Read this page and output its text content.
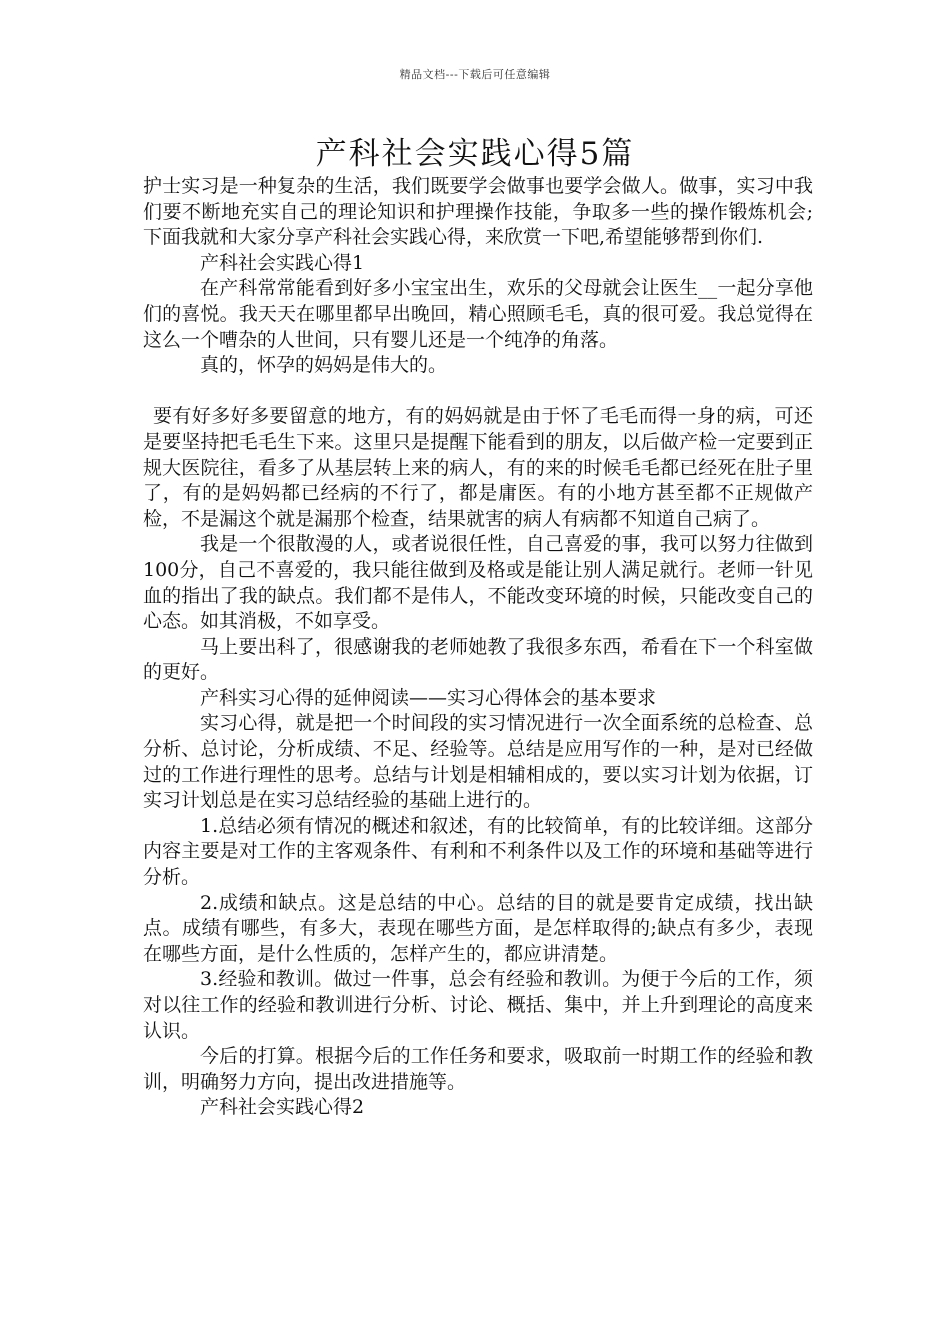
精品文档---下载后可任意编辑
产科社会实践心得5篇

护士实习是一种复杂的生活，我们既要学会做事也要学会做人。做事，实习中我们要不断地充实自己的理论知识和护理操作技能，争取多一些的操作锻炼机会;下面我就和大家分享产科社会实践心得，来欣赏一下吧,希望能够帮到你们.

产科社会实践心得1

在产科常常能看到好多小宝宝出生，欢乐的父母就会让医生__一起分享他们的喜悦。我天天在哪里都早出晚回，精心照顾毛毛，真的很可爱。我总觉得在这么一个嘈杂的人世间，只有婴儿还是一个纯净的角落。

真的，怀孕的妈妈是伟大的。

要有好多好多要留意的地方，有的妈妈就是由于怀了毛毛而得一身的病，可还是要坚持把毛毛生下来。这里只是提醒下能看到的朋友，以后做产检一定要到正规大医院往，看多了从基层转上来的病人，有的来的时候毛毛都已经死在肚子里了，有的是妈妈都已经病的不行了，都是庸医。有的小地方甚至都不正规做产检，不是漏这个就是漏那个检查，结果就害的病人有病都不知道自己病了。

我是一个很散漫的人，或者说很任性，自己喜爱的事，我可以努力往做到100分，自己不喜爱的，我只能往做到及格或是能让别人满足就行。老师一针见血的指出了我的缺点。我们都不是伟人，不能改变环境的时候，只能改变自己的心态。如其消极，不如享受。

马上要出科了，很感谢我的老师她教了我很多东西，希看在下一个科室做的更好。

产科实习心得的延伸阅读——实习心得体会的基本要求

实习心得，就是把一个时间段的实习情况进行一次全面系统的总检查、总分析、总讨论，分析成绩、不足、经验等。总结是应用写作的一种，是对已经做过的工作进行理性的思考。总结与计划是相辅相成的，要以实习计划为依据，订实习计划总是在实习总结经验的基础上进行的。

1.总结必须有情况的概述和叙述，有的比较简单，有的比较详细。这部分内容主要是对工作的主客观条件、有利和不利条件以及工作的环境和基础等进行分析。

2.成绩和缺点。这是总结的中心。总结的目的就是要肯定成绩，找出缺点。成绩有哪些，有多大，表现在哪些方面，是怎样取得的;缺点有多少，表现在哪些方面，是什么性质的，怎样产生的，都应讲清楚。

3.经验和教训。做过一件事，总会有经验和教训。为便于今后的工作，须对以往工作的经验和教训进行分析、讨论、概括、集中，并上升到理论的高度来认识。

今后的打算。根据今后的工作任务和要求，吸取前一时期工作的经验和教训，明确努力方向，提出改进措施等。

产科社会实践心得2
